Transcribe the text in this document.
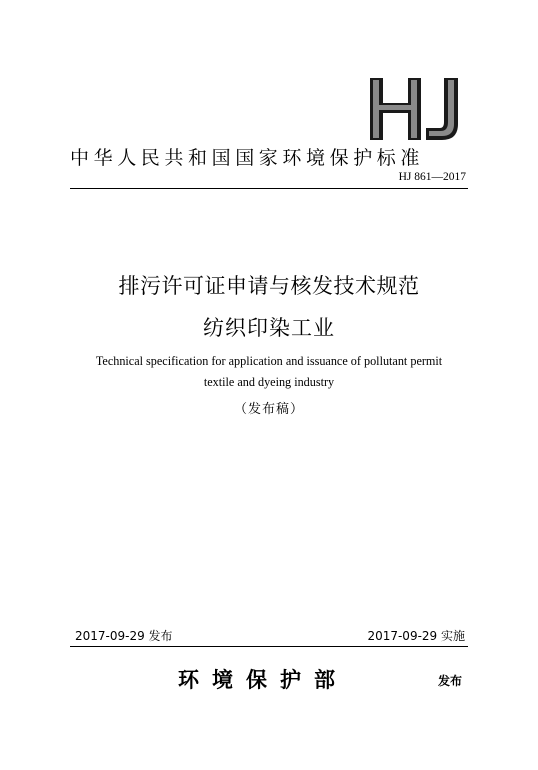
中华人民共和国国家环境保护标准
HJ 861—2017
排污许可证申请与核发技术规范
纺织印染工业
Technical specification for application and issuance of pollutant permit
textile and dyeing industry
（发布稿）
2017-09-29 发布	2017-09-29 实施
环境保护部	发布
